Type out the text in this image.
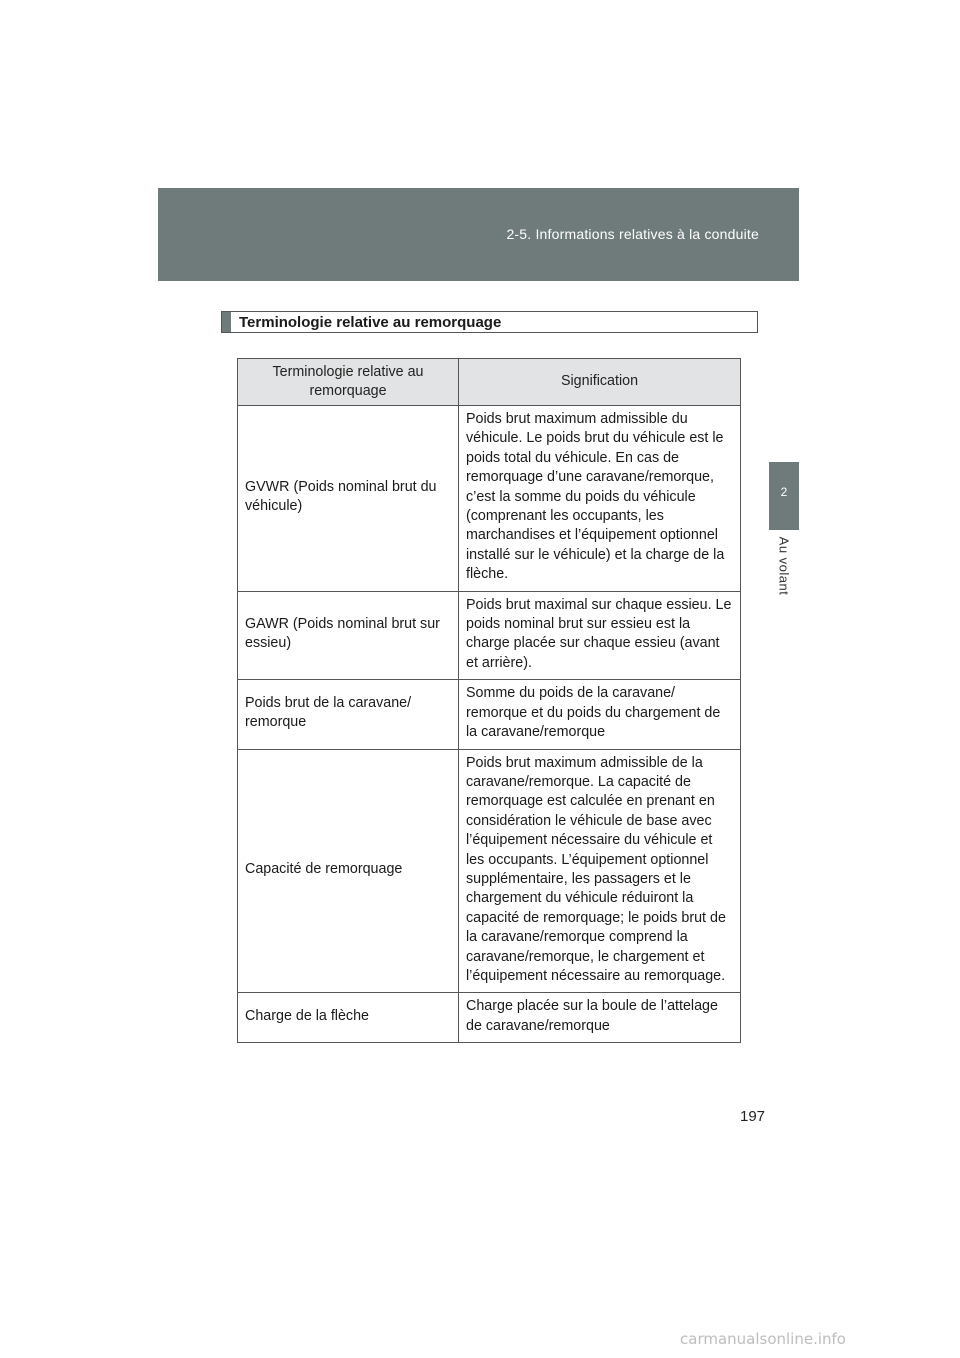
2-5. Informations relatives à la conduite
2
Au volant
Terminologie relative au remorquage
Terminologie relative au remorquage	Signification
GVWR (Poids nominal brut du véhicule)	Poids brut maximum admissible du véhicule. Le poids brut du véhicule est le poids total du véhicule. En cas de remorquage d’une caravane/remorque, c’est la somme du poids du véhicule (comprenant les occupants, les marchandises et l’équipement optionnel installé sur le véhicule) et la charge de la flèche.
GAWR (Poids nominal brut sur essieu)	Poids brut maximal sur chaque essieu. Le poids nominal brut sur essieu est la charge placée sur chaque essieu (avant et arrière).
Poids brut de la caravane/ remorque	Somme du poids de la caravane/ remorque et du poids du chargement de la caravane/remorque
Capacité de remorquage	Poids brut maximum admissible de la caravane/remorque. La capacité de remorquage est calculée en prenant en considération le véhicule de base avec l’équipement nécessaire du véhicule et les occupants. L’équipement optionnel supplémentaire, les passagers et le chargement du véhicule réduiront la capacité de remorquage; le poids brut de la caravane/remorque comprend la caravane/remorque, le chargement et l’équipement nécessaire au remorquage.
Charge de la flèche	Charge placée sur la boule de l’attelage de caravane/remorque
197
carmanualsonline.info
